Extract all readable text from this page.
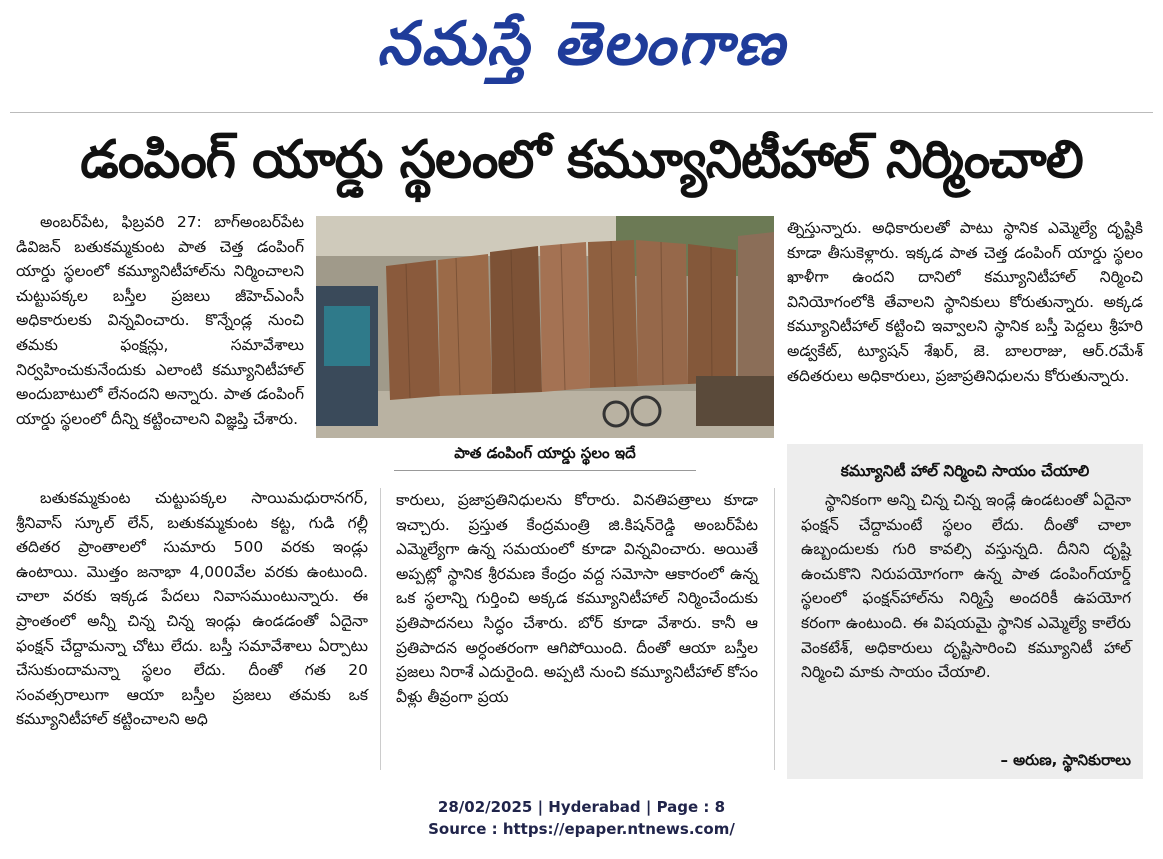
నమస్తే తెలంగాణ
డంపింగ్ యార్డు స్థలంలో కమ్యూనిటీహాల్ నిర్మించాలి

అంబర్‌పేట, ఫిబ్రవరి 27: బాగ్‌అంబర్‌పేట డివిజన్ బతుకమ్మకుంట పాత చెత్త డంపింగ్ యార్డు స్థలంలో కమ్యూనిటీహాల్‌ను నిర్మించాలని చుట్టుపక్కల బస్తీల ప్రజలు జీహెచ్‌ఎంసీ అధికారులకు విన్నవించారు. కొన్నేండ్ల నుంచి తమకు ఫంక్షన్లు, సమావేశాలు నిర్వహించుకునేందుకు ఎలాంటి కమ్యూనిటీహాల్ అందుబాటులో లేనందని అన్నారు. పాత డంపింగ్ యార్డు స్థలంలో దీన్ని కట్టించాలని విజ్ఞప్తి చేశారు.

బతుకమ్మకుంట చుట్టుపక్కల సాయిమధురానగర్, శ్రీనివాస్ స్కూల్ లేన్, బతుకమ్మకుంట కట్ట, గుడి గల్లీ తదితర ప్రాంతాలలో సుమారు 500 వరకు ఇండ్లు ఉంటాయి. మొత్తం జనాభా 4,000వేల వరకు ఉంటుంది. చాలా వరకు ఇక్కడ పేదలు నివాసముంటున్నారు. ఈ ప్రాంతంలో అన్నీ చిన్న చిన్న ఇండ్లు ఉండడంతో ఏదైనా ఫంక్షన్ చేద్దామన్నా చోటు లేదు. బస్తీ సమావేశాలు ఏర్పాటు చేసుకుందామన్నా స్థలం లేదు. దీంతో గత 20 సంవత్సరాలుగా ఆయా బస్తీల ప్రజలు తమకు ఒక కమ్యూనిటీహాల్ కట్టించాలని అధి

పాత డంపింగ్ యార్డు స్థలం ఇదే

కారులు, ప్రజాప్రతినిధులను కోరారు. వినతిపత్రాలు కూడా ఇచ్చారు. ప్రస్తుత కేంద్రమంత్రి జి.కిషన్‌రెడ్డి అంబర్‌పేట ఎమ్మెల్యేగా ఉన్న సమయంలో కూడా విన్నవించారు. అయితే అప్పట్లో స్థానిక శ్రీరమణ కేంద్రం వద్ద సమోసా ఆకారంలో ఉన్న ఒక స్థలాన్ని గుర్తించి అక్కడ కమ్యూనిటీహాల్ నిర్మించేందుకు ప్రతిపాదనలు సిద్ధం చేశారు. బోర్ కూడా వేశారు. కానీ ఆ ప్రతిపాదన అర్ధంతరంగా ఆగిపోయింది. దీంతో ఆయా బస్తీల ప్రజలు నిరాశే ఎదురైంది. అప్పటి నుంచి కమ్యూనిటీహాల్ కోసం వీళ్లు తీవ్రంగా ప్రయ

త్నిస్తున్నారు. అధికారులతో పాటు స్థానిక ఎమ్మెల్యే దృష్టికి కూడా తీసుకెళ్లారు. ఇక్కడ పాత చెత్త డంపింగ్ యార్డు స్థలం ఖాళీగా ఉందని దానిలో కమ్యూనిటీహాల్ నిర్మించి వినియోగంలోకి తేవాలని స్థానికులు కోరుతున్నారు. అక్కడ కమ్యూనిటీహాల్ కట్టించి ఇవ్వాలని స్థానిక బస్తీ పెద్దలు శ్రీహరి అడ్వకేట్, ట్యూషన్ శేఖర్, జె. బాలరాజు, ఆర్.రమేశ్ తదితరులు అధికారులు, ప్రజాప్రతినిధులను కోరుతున్నారు.

కమ్యూనిటీ హాల్ నిర్మించి సాయం చేయాలి

స్థానికంగా అన్ని చిన్న చిన్న ఇండ్లే ఉండటంతో ఏదైనా ఫంక్షన్ చేద్దామంటే స్థలం లేదు. దీంతో చాలా ఉబ్బందులకు గురి కావల్సి వస్తున్నది. దీనిని దృష్టి ఉంచుకొని నిరుపయోగంగా ఉన్న పాత డంపింగ్‌యార్డ్ స్థలంలో ఫంక్షన్‌హాల్‌ను నిర్మిస్తే అందరికీ ఉపయోగ కరంగా ఉంటుంది. ఈ విషయమై స్థానిక ఎమ్మెల్యే కాలేరు వెంకటేశ్, అధికారులు దృష్టిసారించి కమ్యూనిటీ హాల్ నిర్మించి మాకు సాయం చేయాలి.

– అరుణ, స్థానికురాలు
28/02/2025 | Hyderabad | Page : 8
Source : https://epaper.ntnews.com/
